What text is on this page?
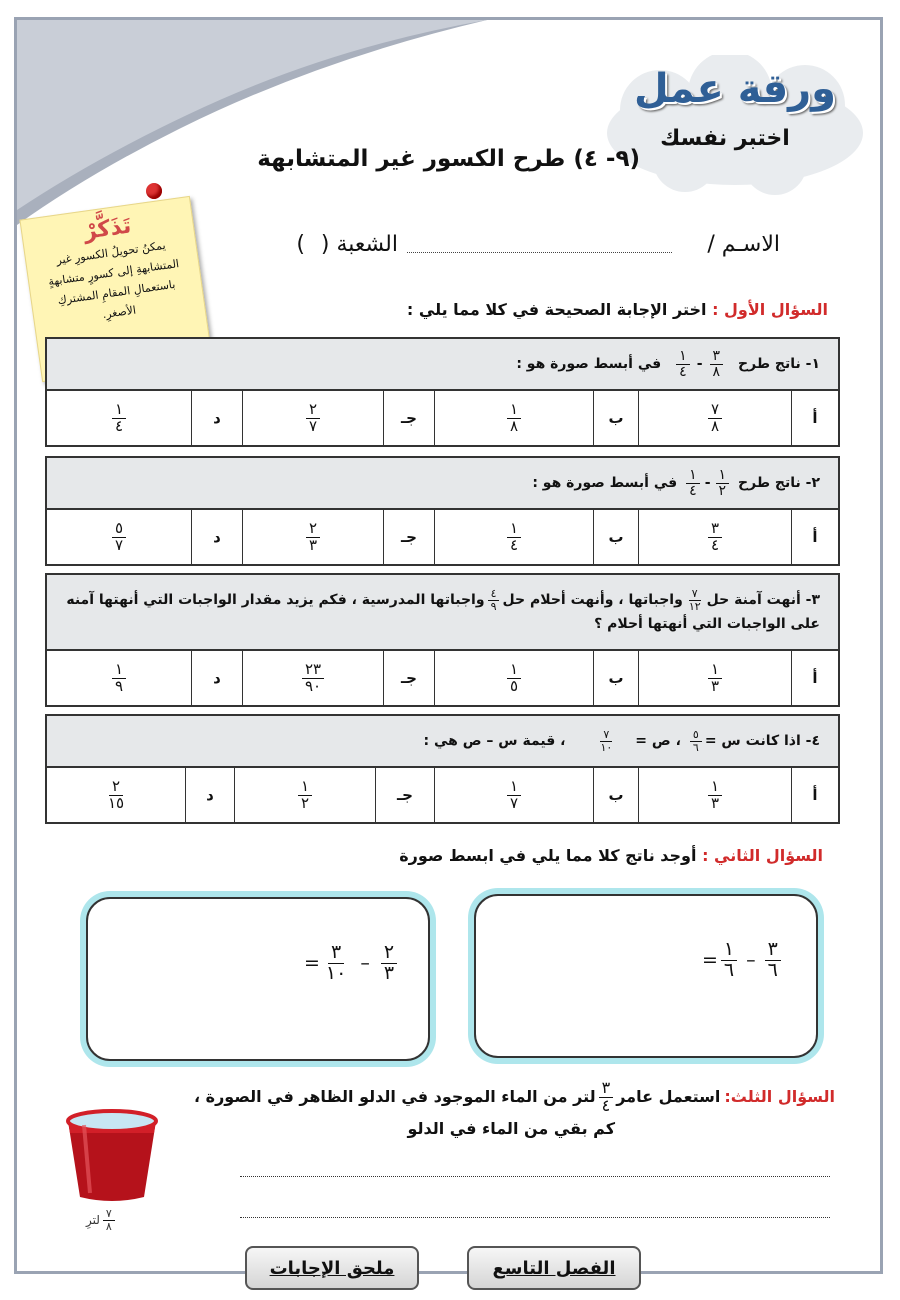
ورقة عمل
اختبر نفسك
(٩- ٤) طرح الكسور غير المتشابهة
تَذَكَّرْ
يمكنُ تحويلُ الكسورِ غير المتشابهةِ إلى كسورٍ متشابهةٍ باستعمالِ المقامِ المشتركِ الأصغرِ.
الاسـم /
الشعبة (
)
السؤال الأول : اختر الإجابة الصحيحة في كلا مما يلي :
١- ناتج طرح
$\frac{٣}{٨}$
-
$\frac{١}{٤}$
في أبسط صورة هو :
أ
$\frac{٧}{٨}$
ب
$\frac{١}{٨}$
جـ
$\frac{٢}{٧}$
د
$\frac{١}{٤}$
٢- ناتج طرح
$\frac{١}{٢}$
-
$\frac{١}{٤}$
في أبسط صورة هو :
أ
$\frac{٣}{٤}$
ب
$\frac{١}{٤}$
جـ
$\frac{٢}{٣}$
د
$\frac{٥}{٧}$
٣- أنهت آمنة حل
$\frac{٧}{١٢}$
واجباتها ، وأنهت أحلام حل
$\frac{٤}{٩}$
واجباتها المدرسية ، فكم يزيد مقدار الواجبات التي أنهتها آمنه
على الواجبات التي أنهتها أحلام ؟
أ
$\frac{١}{٣}$
ب
$\frac{١}{٥}$
جـ
$\frac{٢٣}{٩٠}$
د
$\frac{١}{٩}$
٤- اذا كانت س =
$\frac{٥}{٦}$
، ص =
$\frac{٧}{١٠}$
، قيمة س – ص هي :
أ
$\frac{١}{٣}$
ب
$\frac{١}{٧}$
جـ
$\frac{١}{٢}$
د
$\frac{٢}{١٥}$
السؤال الثاني : أوجد ناتج كلا مما يلي في ابسط صورة
= $\frac{١}{٦} - \frac{٣}{٦}$
= $\frac{٣}{١٠} - \frac{٢}{٣}$
السؤال الثلث:
استعمل عامر
$\frac{٣}{٤}$
لتر من الماء الموجود في الدلو الظاهر في الصورة ،
كم بقي من الماء في الدلو
$\frac{٧}{٨}$
لترِ
الفصل التاسع
ملحق الإجابات
